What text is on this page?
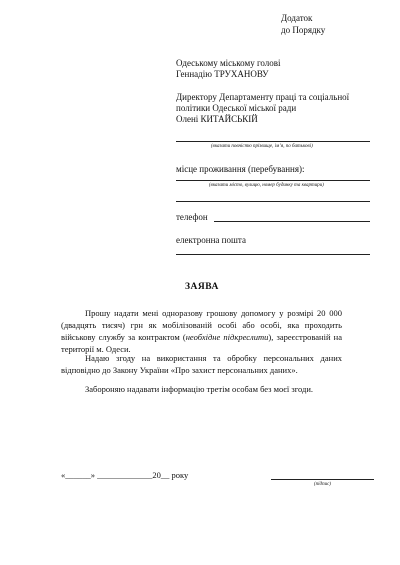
Додаток
до Порядку
Одеському міському голові
Геннадію ТРУХАНОВУ
Директору Департаменту праці та соціальної
політики Одеської міської ради
Олені КИТАЙСЬКІЙ
(вказати повністю прізвище, ім’я, по батькові)
місце проживання (перебування):
(вказати місто, вулицю, номер будинку та квартири)
телефон
електронна пошта
ЗАЯВА
Прошу надати мені одноразову грошову допомогу у розмірі 20 000 (двадцять тисяч) грн як мобілізованій особі або особі, яка проходить військову службу за контрактом (необхідне підкреслити), зареєстрованій на території м. Одеси.
Надаю згоду на використання та обробку персональних даних відповідно до Закону України «Про захист персональних даних».
Забороняю надавати інформацію третім особам без моєї згоди.
«______» _____________20__ року
(підпис)
